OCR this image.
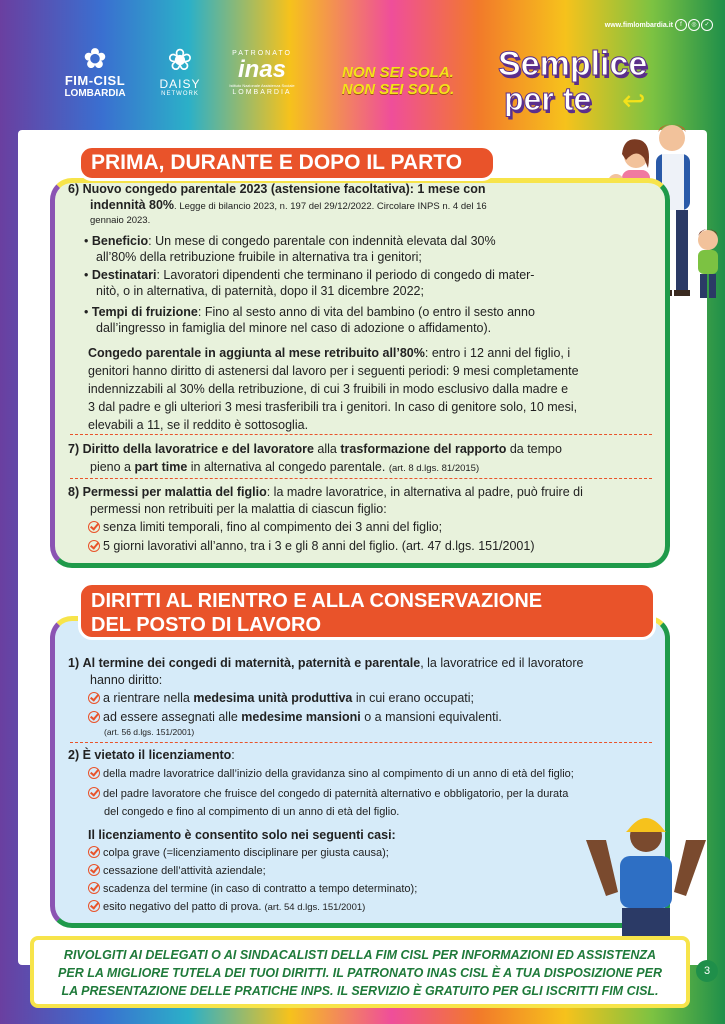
www.fimlombardia.it	f	◎	✓
✿
FIM-CISL
LOMBARDIA
❀
DAISY
NETWORK
PATRONATO
inas
Istituto Nazionale Assistenza Sociale
LOMBARDIA
NON SEI SOLA.
NON SEI SOLO.
Semplice
per te ↩
PRIMA, DURANTE E DOPO IL PARTO
6) Nuovo congedo parentale 2023 (astensione facoltativa): 1 mese con
indennità 80%. Legge di bilancio 2023, n. 197 del 29/12/2022. Circolare INPS n. 4 del 16
gennaio 2023.
• Beneficio: Un mese di congedo parentale con indennità elevata dal 30%
all’80% della retribuzione fruibile in alternativa tra i genitori;
• Destinatari: Lavoratori dipendenti che terminano il periodo di congedo di mater-
nitò, o in alternativa, di paternità, dopo il 31 dicembre 2022;
• Tempi di fruizione: Fino al sesto anno di vita del bambino (o entro il sesto anno
dall’ingresso in famiglia del minore nel caso di adozione o affidamento).
Congedo parentale in aggiunta al mese retribuito all’80%: entro i 12 anni del figlio, i
genitori hanno diritto di astenersi dal lavoro per i seguenti periodi: 9 mesi completamente
indennizzabili al 30% della retribuzione, di cui 3 fruibili in modo esclusivo dalla madre e
3 dal padre e gli ulteriori 3 mesi trasferibili tra i genitori. In caso di genitore solo, 10 mesi,
elevabili a 11, se il reddito è sottosoglia.
7) Diritto della lavoratrice e del lavoratore alla trasformazione del rapporto da tempo
pieno a part time in alternativa al congedo parentale. (art. 8 d.lgs. 81/2015)
8) Permessi per malattia del figlio: la madre lavoratrice, in alternativa al padre, può fruire di
permessi non retribuiti per la malattia di ciascun figlio:
senza limiti temporali, fino al compimento dei 3 anni del figlio;
5 giorni lavorativi all’anno, tra i 3 e gli 8 anni del figlio. (art. 47 d.lgs. 151/2001)
DIRITTI AL RIENTRO E ALLA CONSERVAZIONE
DEL POSTO DI LAVORO
1) Al termine dei congedi di maternità, paternità e parentale, la lavoratrice ed il lavoratore
hanno diritto:
a rientrare nella medesima unità produttiva in cui erano occupati;
ad essere assegnati alle medesime mansioni o a mansioni equivalenti.
(art. 56 d.lgs. 151/2001)
2) È vietato il licenziamento:
della madre lavoratrice dall’inizio della gravidanza sino al compimento di un anno di età del figlio;
del padre lavoratore che fruisce del congedo di paternità alternativo e obbligatorio, per la durata
del congedo e fino al compimento di un anno di età del figlio.
Il licenziamento è consentito solo nei seguenti casi:
colpa grave (=licenziamento disciplinare per giusta causa);
cessazione dell’attività aziendale;
scadenza del termine (in caso di contratto a tempo determinato);
esito negativo del patto di prova. (art. 54 d.lgs. 151/2001)
RIVOLGITI AI DELEGATI O AI SINDACALISTI DELLA FIM CISL PER INFORMAZIONI ED ASSISTENZA
PER LA MIGLIORE TUTELA DEI TUOI DIRITTI. IL PATRONATO INAS CISL È A TUA DISPOSIZIONE PER
LA PRESENTAZIONE DELLE PRATICHE INPS. IL SERVIZIO È GRATUITO PER GLI ISCRITTI FIM CISL.
3
